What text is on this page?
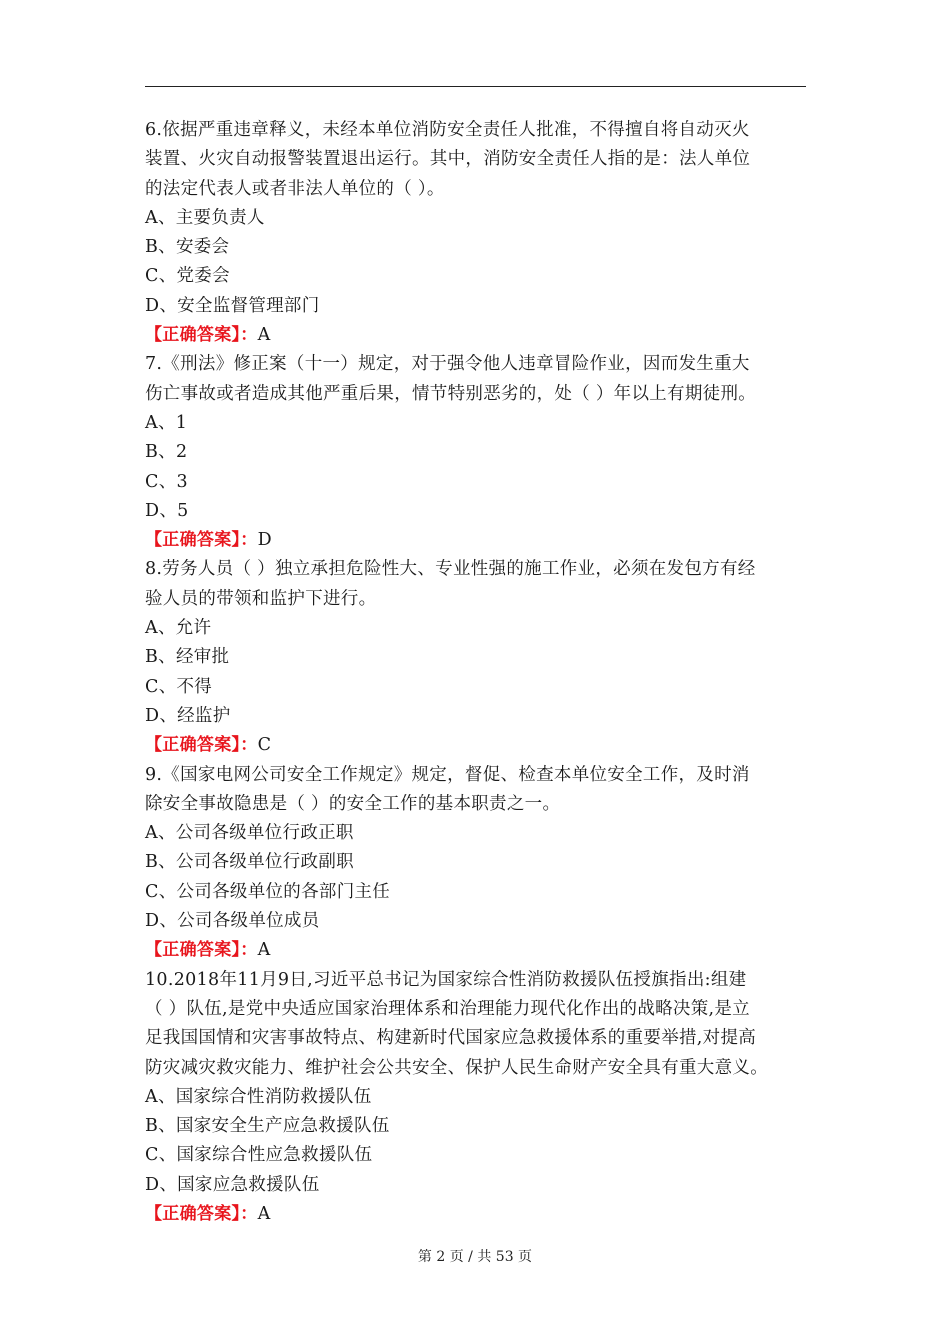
6.依据严重违章释义，未经本单位消防安全责任人批准，不得擅自将自动灭火
装置、火灾自动报警装置退出运行。其中，消防安全责任人指的是：法人单位
的法定代表人或者非法人单位的（ ）。
A、主要负责人
B、安委会
C、党委会
D、安全监督管理部门
【正确答案】：A
7.《刑法》修正案（十一）规定，对于强令他人违章冒险作业，因而发生重大
伤亡事故或者造成其他严重后果，情节特别恶劣的，处（ ）年以上有期徒刑。
A、1
B、2
C、3
D、5
【正确答案】：D
8.劳务人员（ ）独立承担危险性大、专业性强的施工作业，必须在发包方有经
验人员的带领和监护下进行。
A、允许
B、经审批
C、不得
D、经监护
【正确答案】：C
9.《国家电网公司安全工作规定》规定，督促、检查本单位安全工作，及时消
除安全事故隐患是（ ）的安全工作的基本职责之一。
A、公司各级单位行政正职
B、公司各级单位行政副职
C、公司各级单位的各部门主任
D、公司各级单位成员
【正确答案】：A
10.2018年11月9日,习近平总书记为国家综合性消防救援队伍授旗指出:组建
（ ）队伍,是党中央适应国家治理体系和治理能力现代化作出的战略决策,是立
足我国国情和灾害事故特点、构建新时代国家应急救援体系的重要举措,对提高
防灾减灾救灾能力、维护社会公共安全、保护人民生命财产安全具有重大意义。
A、国家综合性消防救援队伍
B、国家安全生产应急救援队伍
C、国家综合性应急救援队伍
D、国家应急救援队伍
【正确答案】：A
第 2 页 / 共 53 页
